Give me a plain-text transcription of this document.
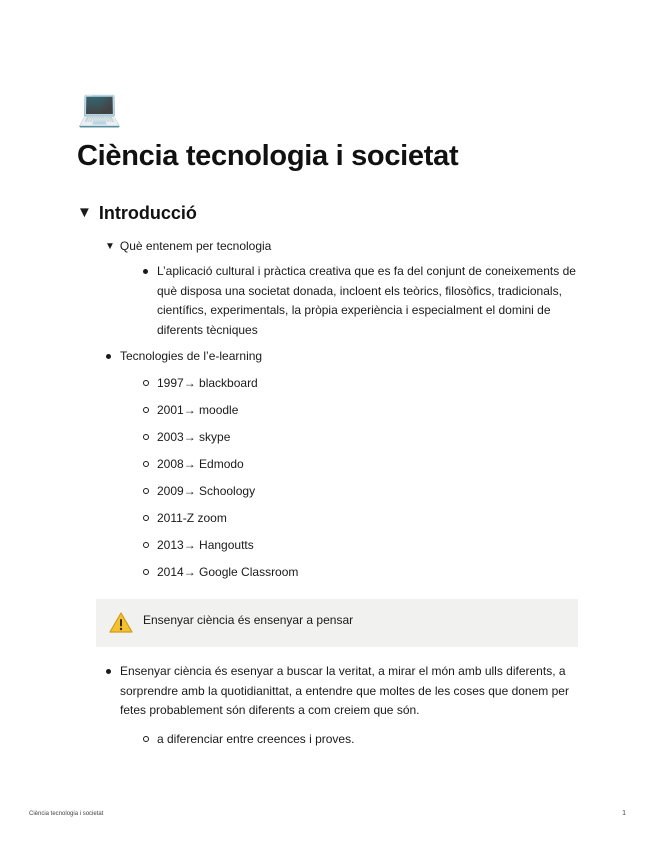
💻
Ciència tecnologia i societat
▼ Introducció
▼ Què entenem per tecnologia
L’aplicació cultural i pràctica creativa que es fa del conjunt de coneixements de què disposa una societat donada, incloent els teòrics, filosòfics, tradicionals, científics, experimentals, la pròpia experiència i especialment el domini de diferents tècniques
Tecnologies de l’e-learning
1997→ blackboard
2001→ moodle
2003→ skype
2008→ Edmodo
2009→ Schoology
2011-Z zoom
2013→ Hangoutts
2014→ Google Classroom
Ensenyar ciència és ensenyar a pensar
Ensenyar ciència és esenyar a buscar la veritat, a mirar el món amb ulls diferents, a sorprendre amb la quotidianittat, a entendre que moltes de les coses que donem per fetes probablement són diferents a com creiem que són.
a diferenciar entre creences i proves.
Ciència tecnologia i societat	1
